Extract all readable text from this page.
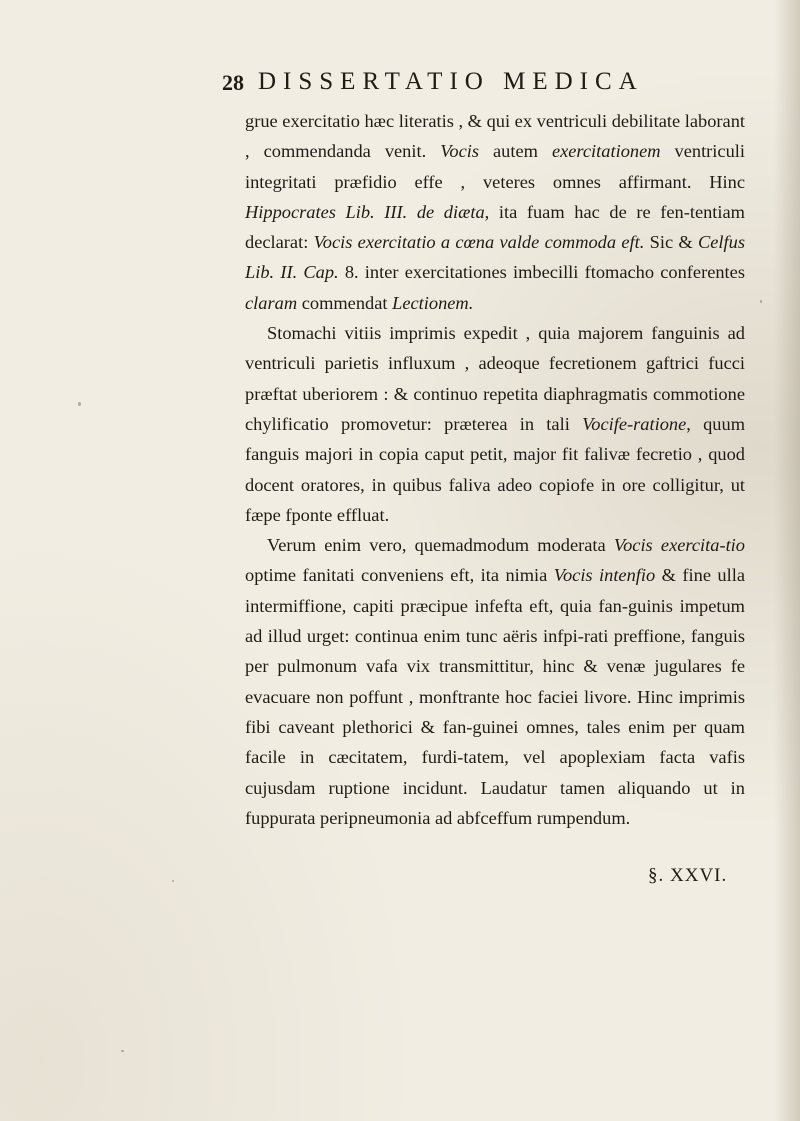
28 DISSERTATIO MEDICA

grue exercitatio hæc literatis , & qui ex ventriculi debilitate laborant , commendanda venit. Vocis autem exercitationem ventriculi integritati præfidio effe , veteres omnes affirmant. Hinc Hippocrates Lib. III. de diæta, ita fuam hac de re fen-tentiam declarat: Vocis exercitatio a cœna valde commoda eft. Sic & Celfus Lib. II. Cap. 8. inter exercitationes imbecilli ftomacho conferentes claram commendat Lectionem.

Stomachi vitiis imprimis expedit , quia majorem fanguinis ad ventriculi parietis influxum , adeoque fecretionem gaftrici fucci præftat uberiorem : & continuo repetita diaphragmatis commotione chylificatio promovetur: præterea in tali Vocife-ratione, quum fanguis majori in copia caput petit, major fit falivæ fecretio , quod docent oratores, in quibus faliva adeo copiofe in ore colligitur, ut fæpe fponte effluat.

Verum enim vero, quemadmodum moderata Vocis exercita-tio optime fanitati conveniens eft, ita nimia Vocis intenfio & fine ulla intermiffione, capiti præcipue infefta eft, quia fan-guinis impetum ad illud urget: continua enim tunc aëris infpi-rati preffione, fanguis per pulmonum vafa vix transmittitur, hinc & venæ jugulares fe evacuare non poffunt , monftrante hoc faciei livore. Hinc imprimis fibi caveant plethorici & fan-guinei omnes, tales enim per quam facile in cæcitatem, furdi-tatem, vel apoplexiam facta vafis cujusdam ruptione incidunt. Laudatur tamen aliquando ut in fuppurata peripneumonia ad abfceffum rumpendum.

§. XXVI.
